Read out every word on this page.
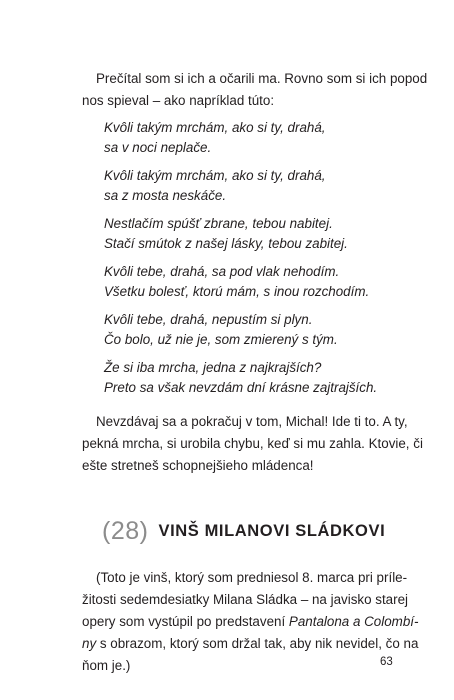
Prečítal som si ich a očarili ma. Rovno som si ich popod
nos spieval – ako napríklad túto:

Kvôli takým mrchám, ako si ty, drahá,
sa v noci neplače.

Kvôli takým mrchám, ako si ty, drahá,
sa z mosta neskáče.

Nestlačím spúšť zbrane, tebou nabitej.
Stačí smútok z našej lásky, tebou zabitej.

Kvôli tebe, drahá, sa pod vlak nehodím.
Všetku bolesť, ktorú mám, s inou rozchodím.

Kvôli tebe, drahá, nepustím si plyn.
Čo bolo, už nie je, som zmierený s tým.

Že si iba mrcha, jedna z najkrajších?
Preto sa však nevzdám dní krásne zajtrajších.

Nevzdávaj sa a pokračuj v tom, Michal! Ide ti to. A ty,
pekná mrcha, si urobila chybu, keď si mu zahla. Ktovie, či
ešte stretneš schopnejšieho mládenca!

(28) VINŠ MILANOVI SLÁDKOVI

(Toto je vinš, ktorý som predniesol 8. marca pri príle-
žitosti sedemdesiatky Milana Sládka – na javisko starej
opery som vystúpil po predstavení Pantalona a Colombí-
ny s obrazom, ktorý som držal tak, aby nik nevidel, čo na
ňom je.)	63
